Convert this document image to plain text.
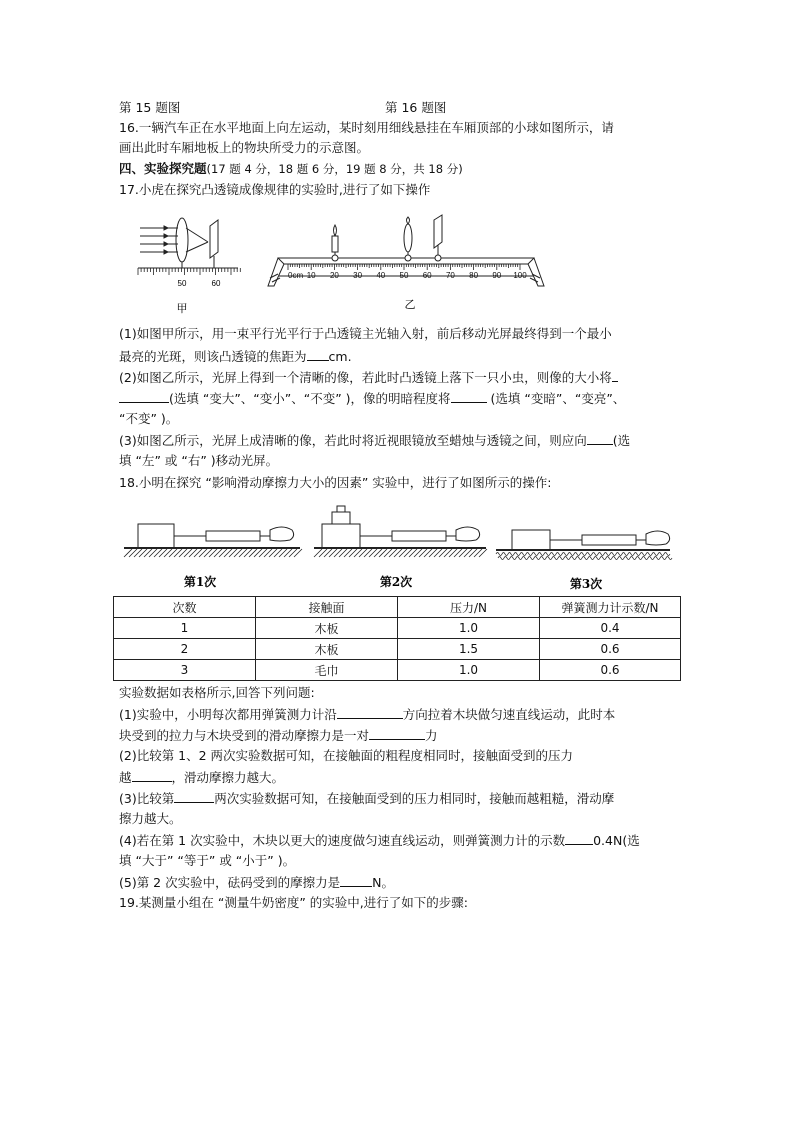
第 15 题图	第 16 题图
16.一辆汽车正在水平地面上向左运动，某时刻用细线悬挂在车厢顶部的小球如图所示，请
画出此时车厢地板上的物块所受力的示意图。
四、实验探究题(17 题 4 分，18 题 6 分，19 题 8 分，共 18 分)
17.小虎在探究凸透镜成像规律的实验时,进行了如下操作
50	60
甲
0cm 10 20 30 40 50 60 70 80 90 100
乙
(1)如图甲所示，用一束平行光平行于凸透镜主光轴入射，前后移动光屏最终得到一个最小
最亮的光斑，则该凸透镜的焦距为 cm.
(2)如图乙所示，光屏上得到一个清晰的像，若此时凸透镜上落下一只小虫，则像的大小将
(选填 “变大”、“变小”、“不变” )，像的明暗程度将	(选填 “变暗”、“变亮”、
“不变” )。
(3)如图乙所示，光屏上成清晰的像，若此时将近视眼镜放至蜡烛与透镜之间，则应向 (选
填 “左” 或 “右” )移动光屏。
18.小明在探究 “影响滑动摩擦力大小的因素” 实验中，进行了如图所示的操作:
第1次	第2次	第3次
次数	接触面	压力/N	弹簧测力计示数/N
1	木板	1.0	0.4
2	木板	1.5	0.6
3	毛巾	1.0	0.6
实验数据如表格所示,回答下列问题:
(1)实验中，小明每次都用弹簧测力计沿	方向拉着木块做匀速直线运动，此时本
块受到的拉力与木块受到的滑动摩擦力是一对	力
(2)比较第 1、2 两次实验数据可知，在接触面的粗程度相同时，接触面受到的压力
越	，滑动摩擦力越大。
(3)比较第	两次实验数据可知，在接触面受到的压力相同时，接触而越粗糙，滑动摩
擦力越大。
(4)若在第 1 次实验中，木块以更大的速度做匀速直线运动，则弹簧测力计的示数 0.4N(选
填 “大于” “等于” 或 “小于” )。
(5)第 2 次实验中，砝码受到的摩擦力是	N。
19.某测量小组在 “测量牛奶密度” 的实验中,进行了如下的步骤:
